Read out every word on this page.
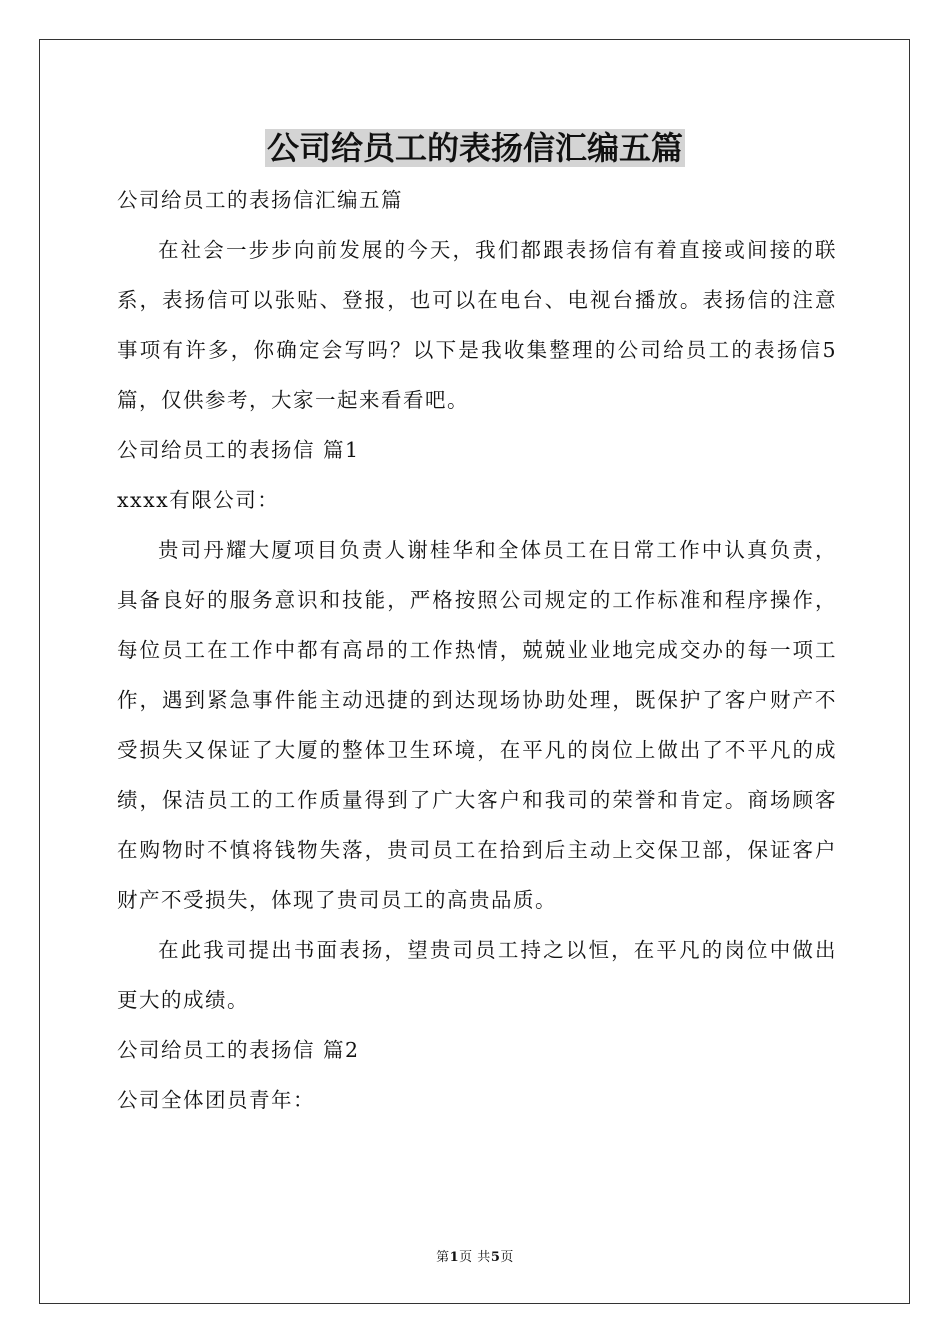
公司给员工的表扬信汇编五篇

公司给员工的表扬信汇编五篇

在社会一步步向前发展的今天，我们都跟表扬信有着直接或间接的联系，表扬信可以张贴、登报，也可以在电台、电视台播放。表扬信的注意事项有许多，你确定会写吗？以下是我收集整理的公司给员工的表扬信5篇，仅供参考，大家一起来看看吧。

公司给员工的表扬信 篇1

xxxx有限公司：

贵司丹耀大厦项目负责人谢桂华和全体员工在日常工作中认真负责，具备良好的服务意识和技能，严格按照公司规定的工作标准和程序操作，每位员工在工作中都有高昂的工作热情，兢兢业业地完成交办的每一项工作，遇到紧急事件能主动迅捷的到达现场协助处理，既保护了客户财产不受损失又保证了大厦的整体卫生环境，在平凡的岗位上做出了不平凡的成绩，保洁员工的工作质量得到了广大客户和我司的荣誉和肯定。商场顾客在购物时不慎将钱物失落，贵司员工在拾到后主动上交保卫部，保证客户财产不受损失，体现了贵司员工的高贵品质。

在此我司提出书面表扬，望贵司员工持之以恒，在平凡的岗位中做出更大的成绩。

公司给员工的表扬信 篇2

公司全体团员青年：

第1页 共5页
